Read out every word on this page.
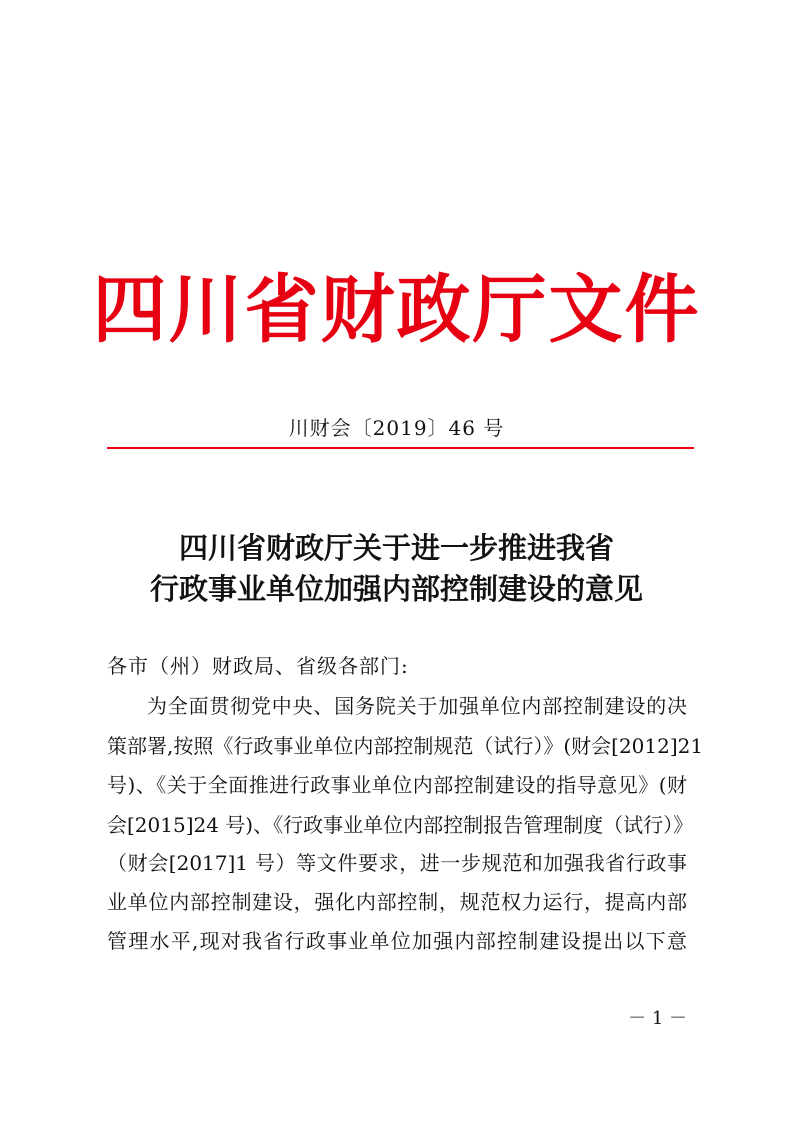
四川省财政厅文件

川财会〔2019〕46 号

四川省财政厅关于进一步推进我省
行政事业单位加强内部控制建设的意见

各市（州）财政局、省级各部门:

为全面贯彻党中央、国务院关于加强单位内部控制建设的决

策部署,按照《行政事业单位内部控制规范（试行）》(财会[2012]21

号)、《关于全面推进行政事业单位内部控制建设的指导意见》(财

会[2015]24 号)、《行政事业单位内部控制报告管理制度（试行）》

（财会[2017]1 号）等文件要求，进一步规范和加强我省行政事

业单位内部控制建设，强化内部控制，规范权力运行，提高内部

管理水平,现对我省行政事业单位加强内部控制建设提出以下意

－ 1 －
